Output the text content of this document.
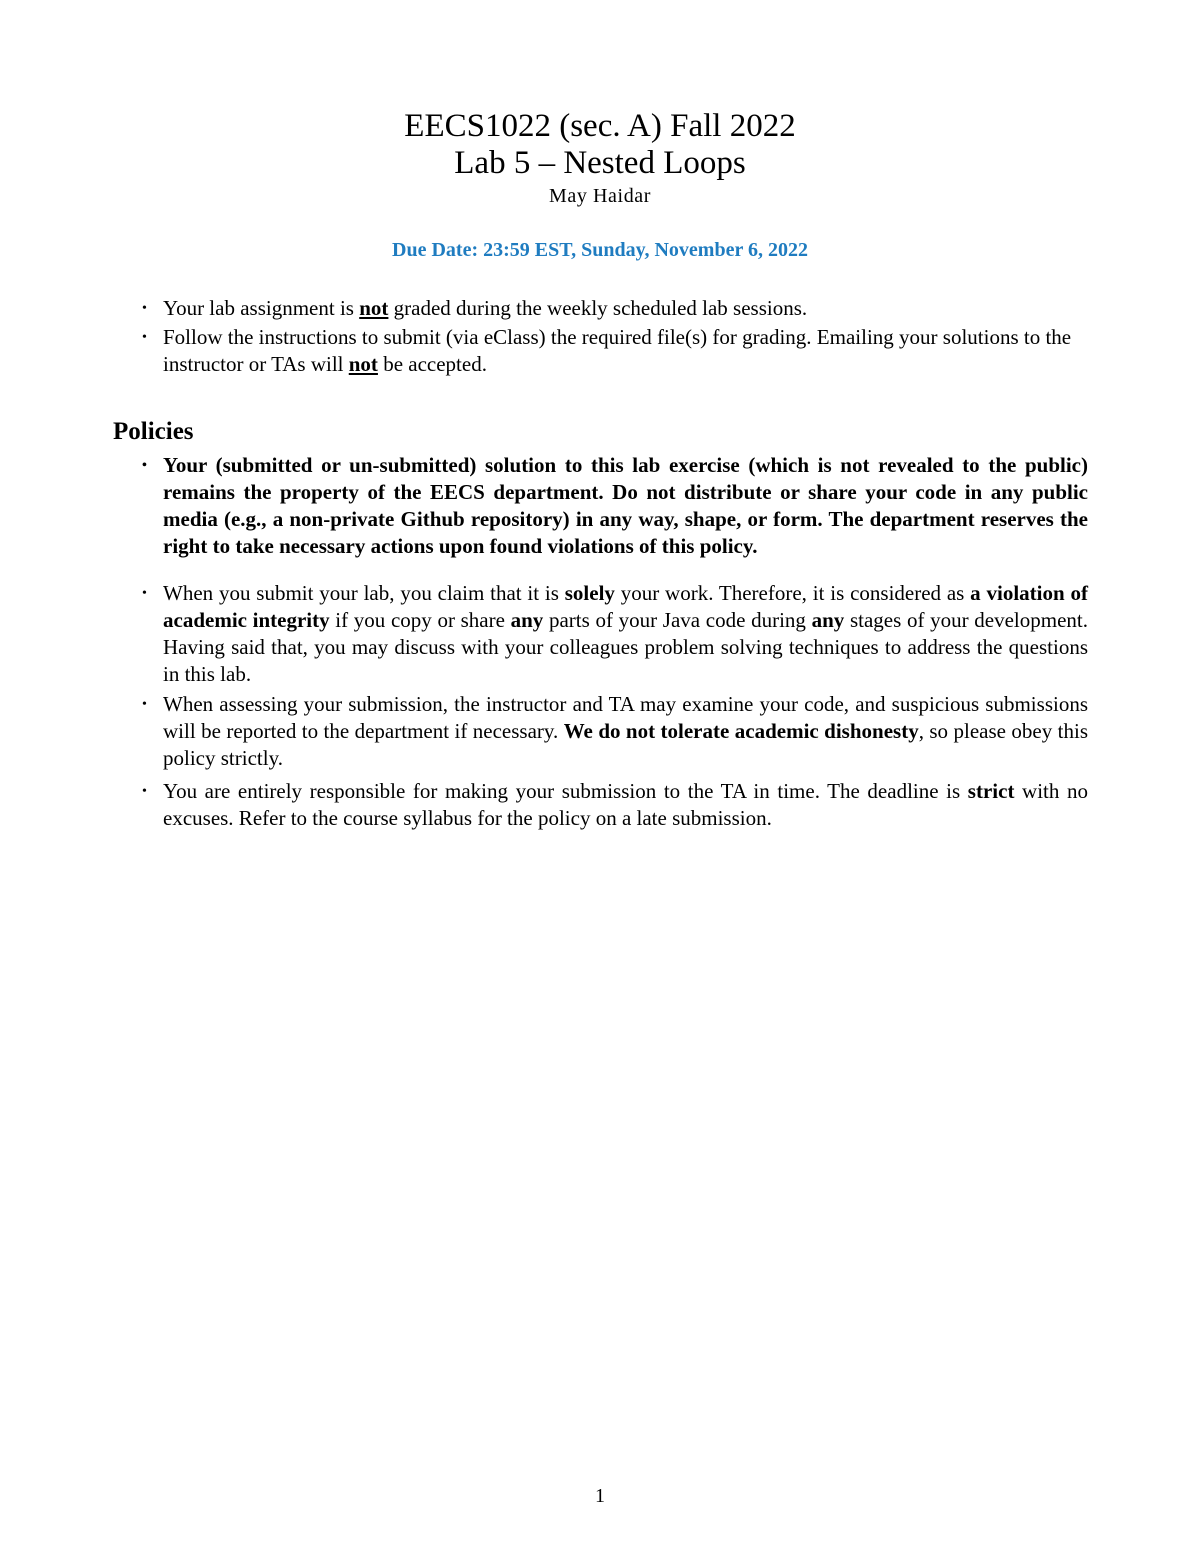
EECS1022 (sec. A) Fall 2022
Lab 5 – Nested Loops
May Haidar
Due Date: 23:59 EST, Sunday, November 6, 2022
• Your lab assignment is not graded during the weekly scheduled lab sessions.
• Follow the instructions to submit (via eClass) the required file(s) for grading. Emailing your solutions to the instructor or TAs will not be accepted.
Policies
• Your (submitted or un-submitted) solution to this lab exercise (which is not revealed to the public) remains the property of the EECS department. Do not distribute or share your code in any public media (e.g., a non-private Github repository) in any way, shape, or form. The department reserves the right to take necessary actions upon found violations of this policy.
• When you submit your lab, you claim that it is solely your work. Therefore, it is considered as a violation of academic integrity if you copy or share any parts of your Java code during any stages of your development. Having said that, you may discuss with your colleagues problem solving techniques to address the questions in this lab.
• When assessing your submission, the instructor and TA may examine your code, and suspicious submissions will be reported to the department if necessary. We do not tolerate academic dishonesty, so please obey this policy strictly.
• You are entirely responsible for making your submission to the TA in time. The deadline is strict with no excuses. Refer to the course syllabus for the policy on a late submission.
1
